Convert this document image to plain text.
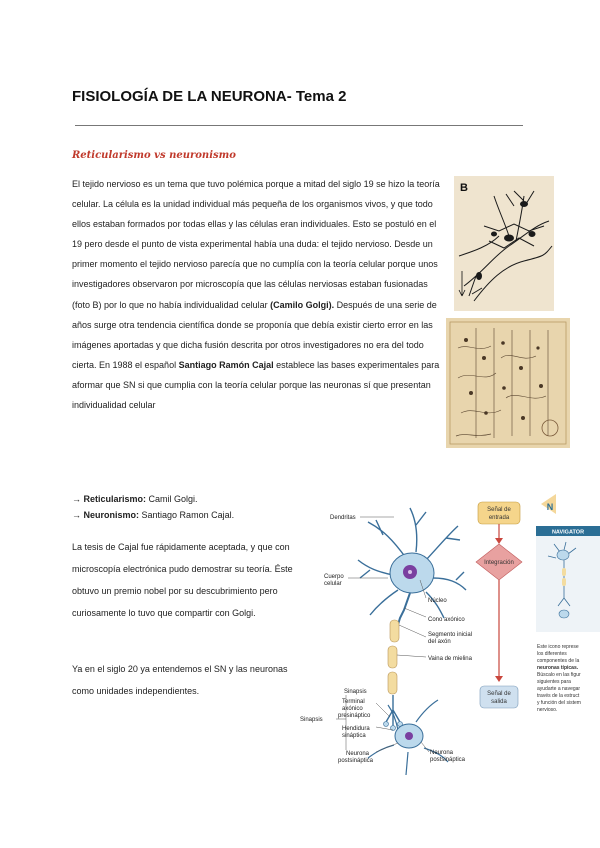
FISIOLOGÍA DE LA NEURONA- Tema 2
Reticularismo vs neuronismo

El tejido nervioso es un tema que tuvo polémica porque a mitad del siglo 19 se hizo la teoría celular. La célula es la unidad individual más pequeña de los organismos vivos, y que todo ellos estaban formados por todas ellas y las células eran individuales. Esto se postuló en el 19 pero desde el punto de vista experimental había una duda: el tejido nervioso. Desde un primer momento el tejido nervioso parecía que no cumplía con la teoría celular porque unos investigadores observaron por microscopía que las células nerviosas estaban fusionadas (foto B) por lo que no había individualidad celular (Camilo Golgi). Después de una serie de años surge otra tendencia científica donde se proponía que debía existir cierto error en las imágenes aportadas y que dicha fusión descrita por otros investigadores no era del todo cierta. En 1988 el español Santiago Ramón Cajal establece las bases experimentales para aformar que SN si que cumplia con la teoría celular porque las neuronas sí que presentan individualidad celular

B
→ Reticularismo: Camil Golgi.
→ Neuronismo: Santiago Ramon Cajal.

La tesis de Cajal fue rápidamente aceptada, y que con microscopía electrónica pudo demostrar su teoría. Éste obtuvo un premio nobel por su descubrimiento pero curiosamente lo tuvo que compartir con Golgi.

Ya en el siglo 20 ya entendemos el SN y las neuronas como unidades independientes.

Dendritas
Cuerpo
celular
Núcleo
Cono axónico
Segmento inicial
del axón
Vaina de mielina
Sinapsis
Terminal
axónico
presináptico
Sinapsis
Hendidura
sináptica
Neurona
postsináptica
Neurona
postsináptica
Señal de
entrada
Integración
Señal de
salida
N
NAVIGATOR
Este icono represe
los diferentes
componentes de la
neuronas típicas.
Búscalo en las figur
siguientes para
ayudarte a navegar
través de la estruct
y función del sistem
nervioso.
